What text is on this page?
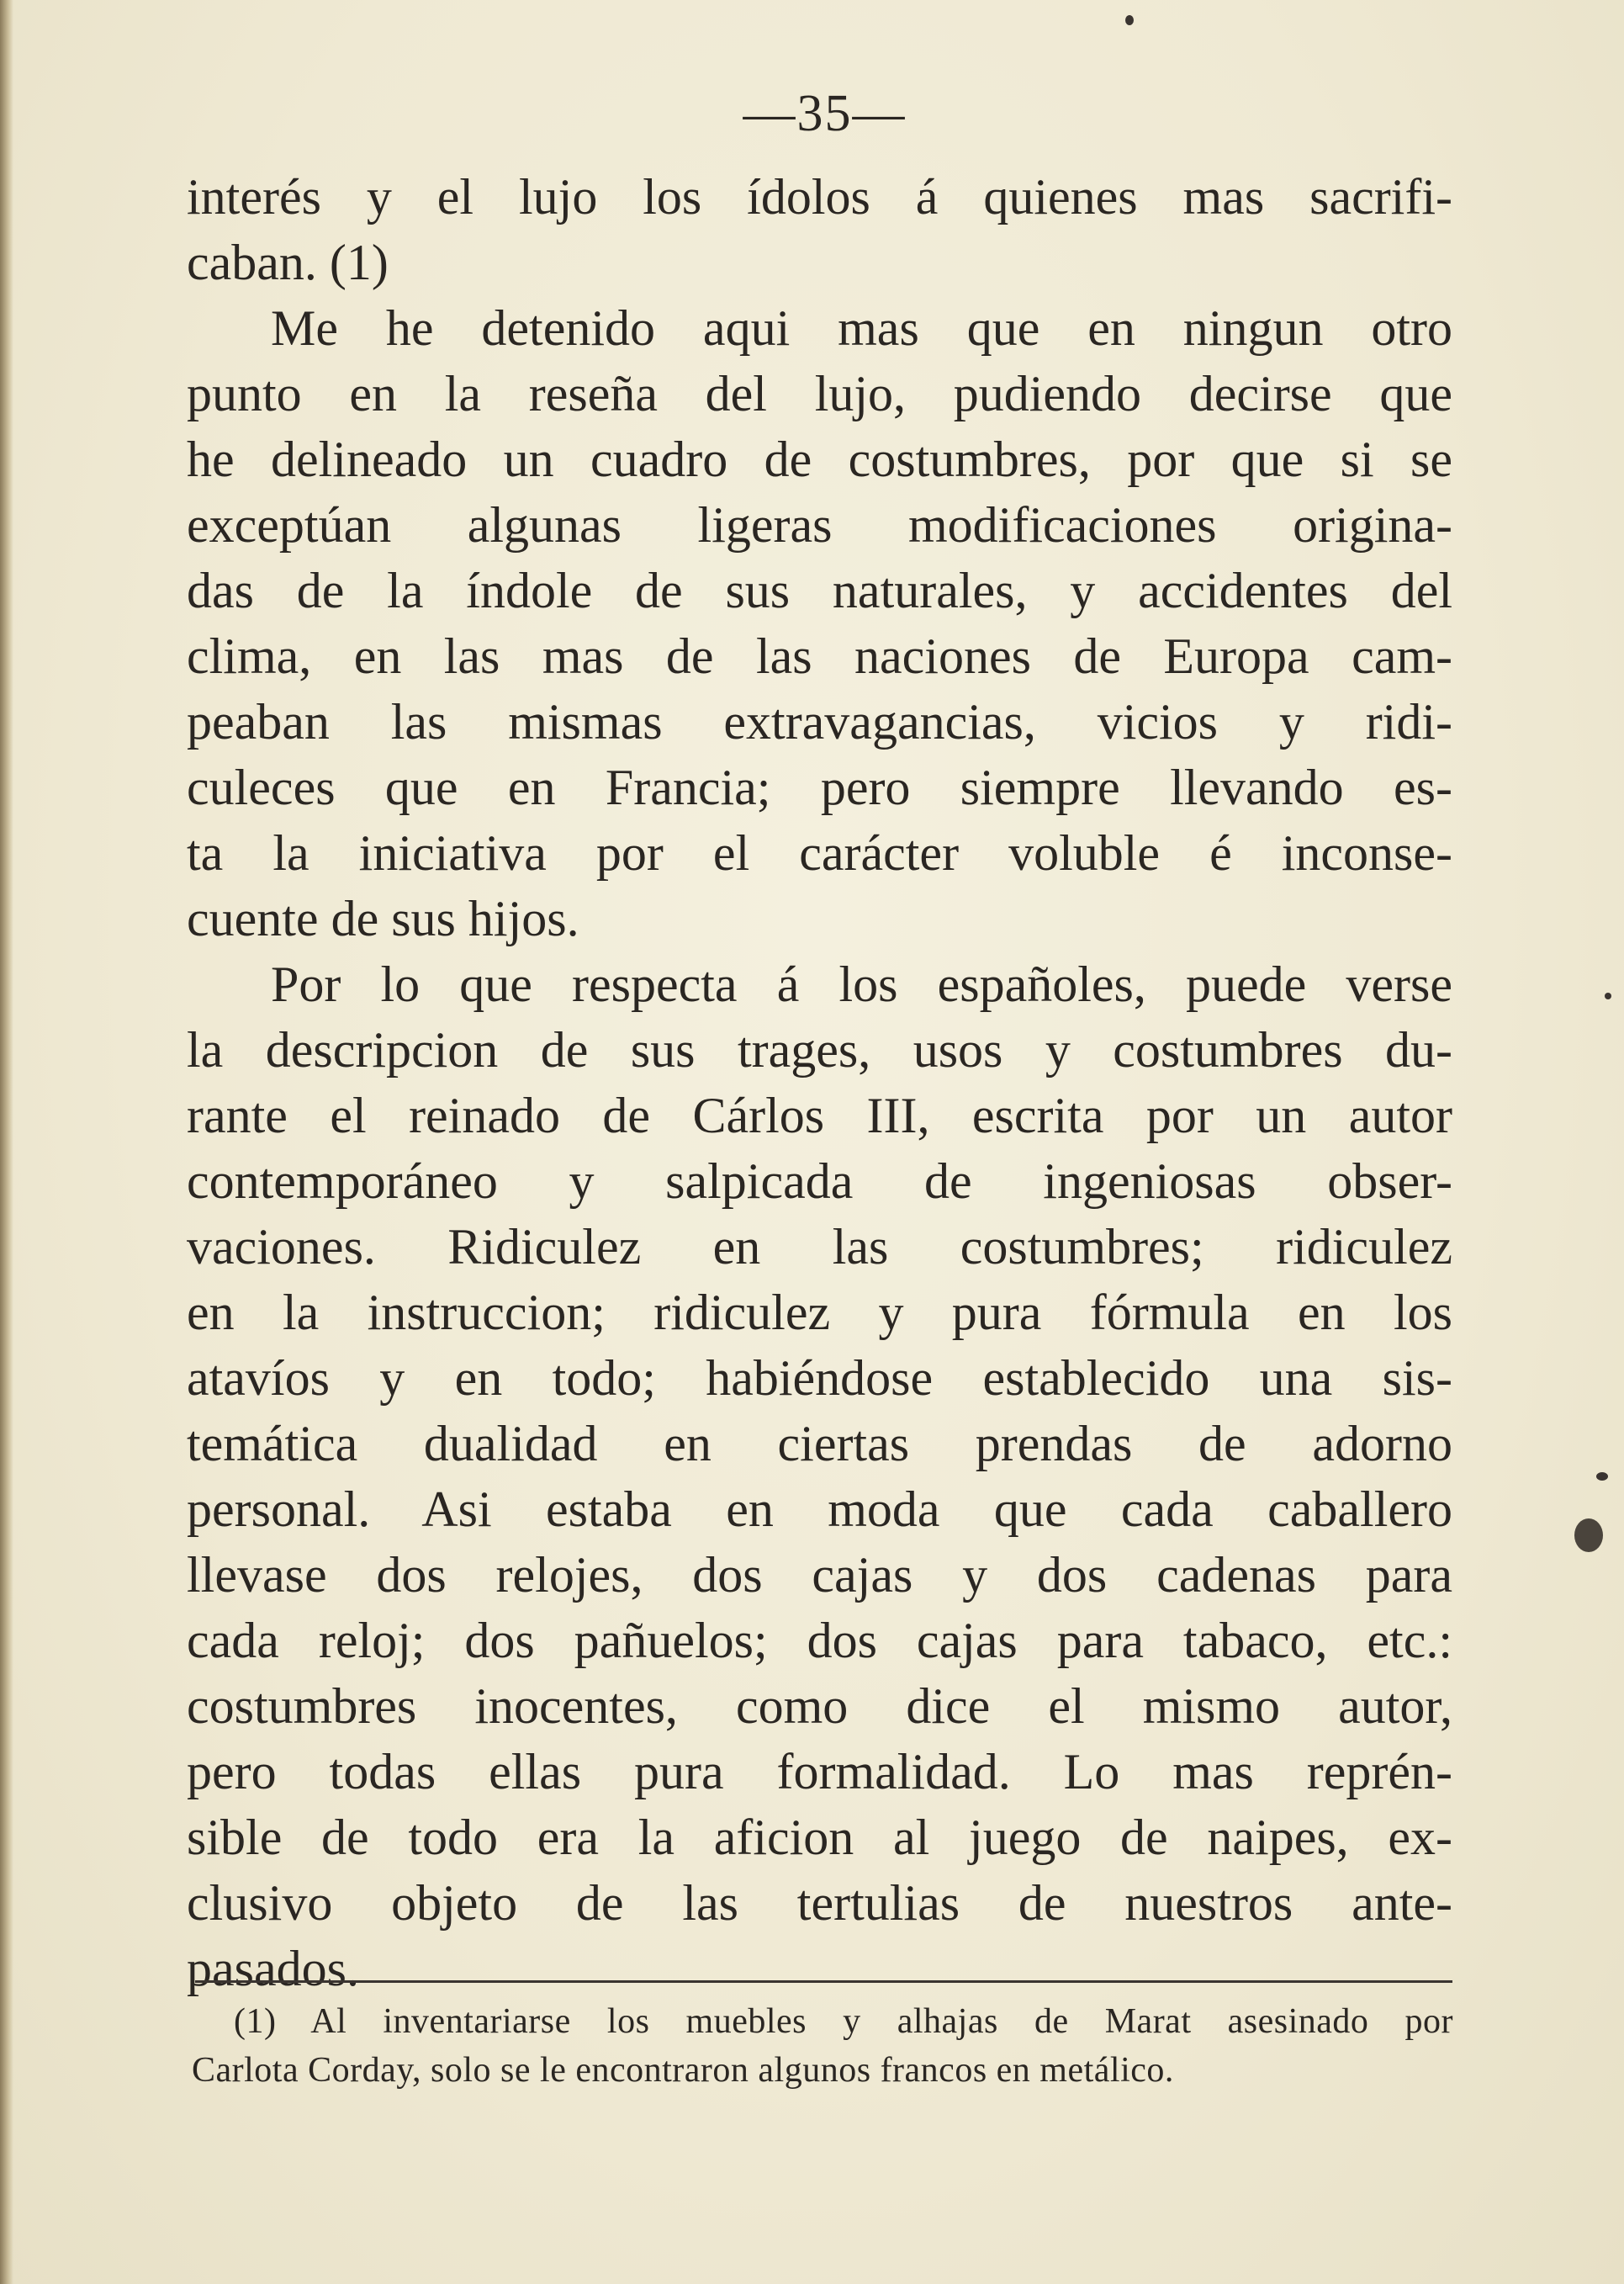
—35—
interés y el lujo los ídolos á quienes mas sacrifi-
caban. (1)
Me he detenido aqui mas que en ningun otro
punto en la reseña del lujo, pudiendo decirse que
he delineado un cuadro de costumbres, por que si se
exceptúan algunas ligeras modificaciones origina-
das de la índole de sus naturales, y accidentes del
clima, en las mas de las naciones de Europa cam-
peaban las mismas extravagancias, vicios y ridi-
culeces que en Francia; pero siempre llevando es-
ta la iniciativa por el carácter voluble é inconse-
cuente de sus hijos.
Por lo que respecta á los españoles, puede verse
la descripcion de sus trages, usos y costumbres du-
rante el reinado de Cárlos III, escrita por un autor
contemporáneo y salpicada de ingeniosas obser-
vaciones. Ridiculez en las costumbres; ridiculez
en la instruccion; ridiculez y pura fórmula en los
atavíos y en todo; habiéndose establecido una sis-
temática dualidad en ciertas prendas de adorno
personal. Asi estaba en moda que cada caballero
llevase dos relojes, dos cajas y dos cadenas para
cada reloj; dos pañuelos; dos cajas para tabaco, etc.:
costumbres inocentes, como dice el mismo autor,
pero todas ellas pura formalidad. Lo mas reprén-
sible de todo era la aficion al juego de naipes, ex-
clusivo objeto de las tertulias de nuestros ante-
pasados.
(1) Al inventariarse los muebles y alhajas de Marat asesinado por
Carlota Corday, solo se le encontraron algunos francos en metálico.
